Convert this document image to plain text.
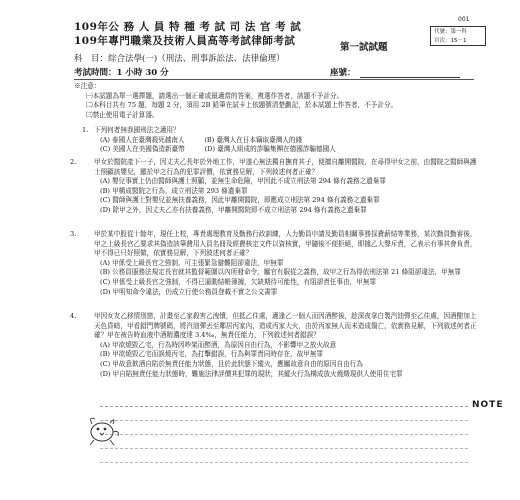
001
代號：第一科
頁次：15－1
109年公 務 人 員 特 種 考 試 司 法 官 考 試
109年專門職業及技術人員高等考試律師考試
第一試試題
科　目：綜合法學(一)（刑法、刑事訴訟法、法律倫理）
考試時間：1 小時 30 分	座號：
※注意：
㈠本試題為單一選擇題，請選出一個正確或最適當的答案，複選作答者，該題不予計分。
㈡本科目共有 75 題，每題 2 分，須用 2B 鉛筆在試卡上依題號清楚劃記，於本試題上作答者，不予計分。
㈢禁止使用電子計算器。
1. 下列何者無我國刑法之適用？
(A) 泰國人在臺灣殺死越南人　　　(B) 臺灣人在日本竊取臺灣人的錢
(C) 美國人在美國偽造新臺幣　　　(D) 臺灣人組成的詐騙集團在德國詐騙德國人
2.	甲女於醫院產下一子，因丈夫乙長年於外地工作，甲遂心無法獨自撫育其子，便擅自離開醫院，在尋得甲女之前，由醫院之醫師與護士照顧該嬰兒，顯於甲之行為的犯罪評價，依實務見解，下列敘述何者正確？
(A) 嬰兒事實上仍由醫師與護士照顧，並無生命危險，甲因此不成立刑法第 294 條有義務之遺棄罪
(B) 甲構成醫院之行為，成立刑法第 293 條遺棄罪
(C) 醫師與護士對嬰兒並無扶養義務，因此甲離開醫院，即應成立刑法第 294 條有義務之遺棄罪
(D) 除甲之外，因丈夫乙亦有扶養義務，甲離開醫院即不成立刑法第 294 條有義務之遺棄罪
3.	甲於某中股從十餘年，現任上校，專責處理教育及勤務行政訓練，人力勤員申請及勤員相關事務採費薪結等業務，某次勤員勤審後，甲之上級長官乙要求其偽造該筆費用人員名冊及經費核定文件以資核實，甲隨後不便拒絕，即據乙大聲斥責，乙表示有事其會負責，甲不得已只好照做，依實務見解，下列敘述何者正確？
(A) 甲係受上級長官之強制，可主張緊急避難阻卻違法，甲無罪
(B) 公務員服務法規定長官就其監督範圍以內所發命令，屬官有服從之義務，故甲之行為得依刑法第 21 條阻卻違法，甲無罪
(C) 甲係受上級長官之強制，不得已逼動結帳簿據，欠缺期待可能性，有阻卻責任事由，甲無罪
(D) 甲明知命令違法，仍成立行使公務員登載不實之公文書罪
4.	甲因女友乙移情別戀，計畫至乙家殺害乙洩憤，但抵乙住處，適逢乙一個人而因酒醉後，趁深夜拿白製汽油彈至乙住處，因酒酣加上天色昏暗，甲看錯門牌號碼，將汽油彈丟至鄰居丙家內，造成丙家大火，由於丙家無人而未造成傷亡，依實務見解，下列敘述何者正確？甲在被告時血液中酒精濃度達 3.4‰，無責任能力，下列敘述何者錯誤？
(A) 甲欲燒毀乙宅，行為時因吵架而醉酒，為原因自由行為，不影響甲之放火故意
(B) 甲欲燒毀乙宅而誤燒丙宅，為打擊錯誤，行為與罪責同時存在，故甲無罪
(C) 甲故意飲酒自陷於無責任能力狀態，且於此狀態下縱火，應屬故意自由的原因自由行為
(D) 甲自陷無責任能力狀態時，難施法律評價其犯罪的現狀，其縱火行為構成放火燒燬現供人使用住宅罪
NOTE
